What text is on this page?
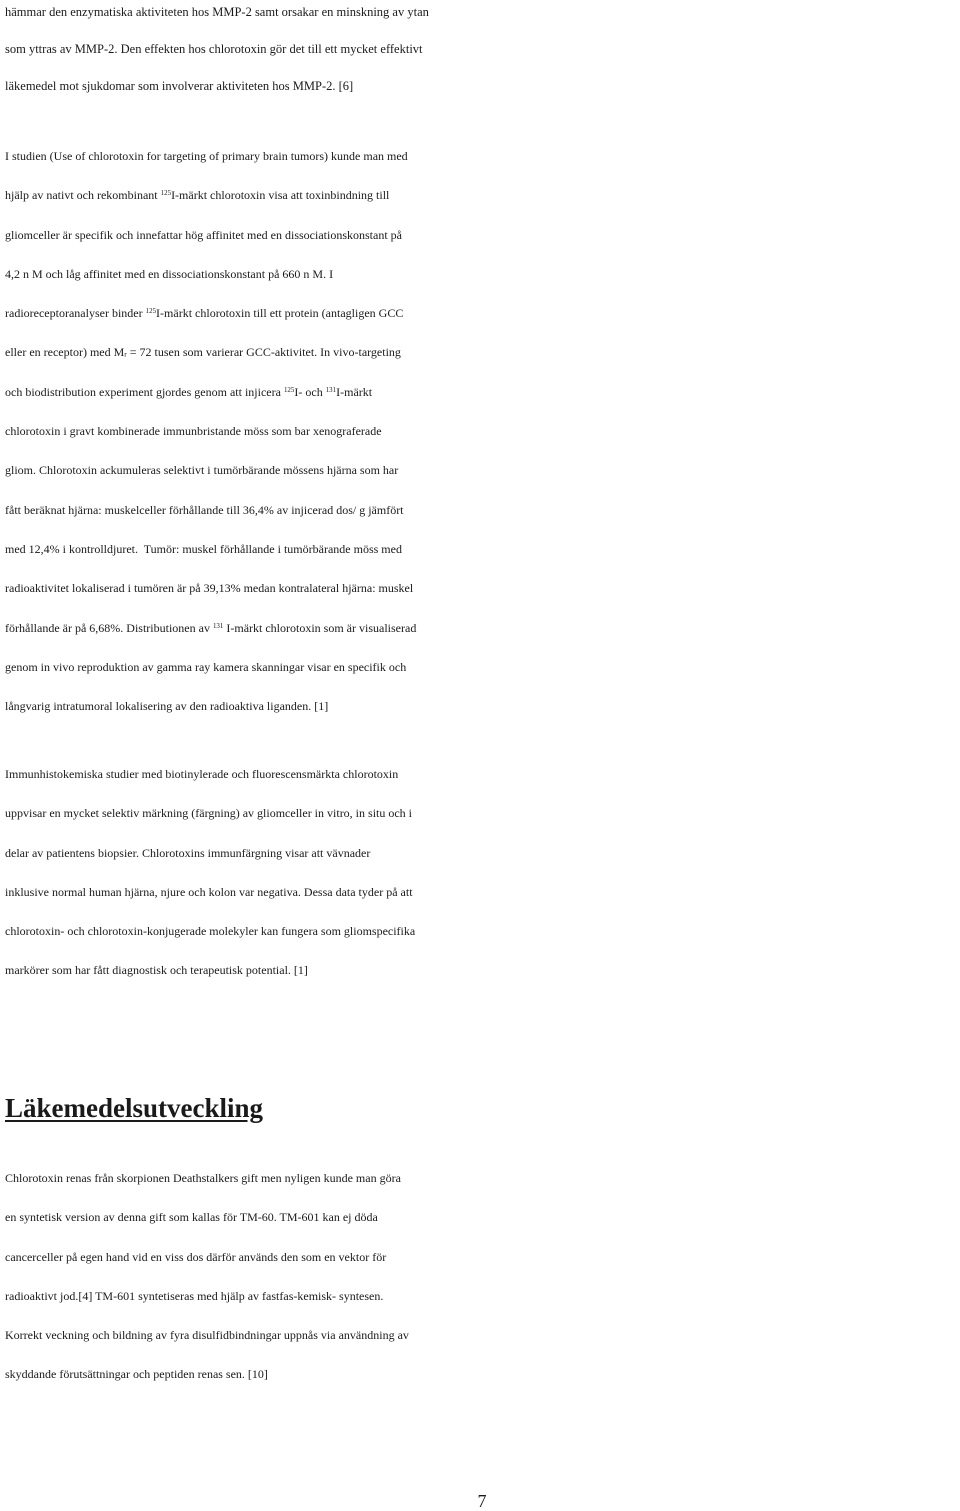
hämmar den enzymatiska aktiviteten hos MMP-2 samt orsakar en minskning av ytan
som yttras av MMP-2. Den effekten hos chlorotoxin gör det till ett mycket effektivt
läkemedel mot sjukdomar som involverar aktiviteten hos MMP-2. [6]
I studien (Use of chlorotoxin for targeting of primary brain tumors) kunde man med
hjälp av nativt och rekombinant $^{125}$I-märkt chlorotoxin visa att toxinbindning till
gliomceller är specifik och innefattar hög affinitet med en dissociationskonstant på
4,2 n M och låg affinitet med en dissociationskonstant på 660 n M. I
radioreceptoranalyser binder $^{125}$I-märkt chlorotoxin till ett protein (antagligen GCC
eller en receptor) med $M_r = 72$ tusen som varierar GCC-aktivitet. In vivo-targeting
och biodistribution experiment gjordes genom att injicera $^{125}$I- och $^{131}$I-märkt
chlorotoxin i gravt kombinerade immunbristande möss som bar xenograferade
gliom. Chlorotoxin ackumuleras selektivt i tumörbärande mössens hjärna som har
fått beräknat hjärna: muskelceller förhållande till 36,4% av injicerad dos/ g jämfört
med 12,4% i kontrolldjuret.  Tumör: muskel förhållande i tumörbärande möss med
radioaktivitet lokaliserad i tumören är på 39,13% medan kontralateral hjärna: muskel
förhållande är på 6,68%. Distributionen av $^{131}$ I-märkt chlorotoxin som är visualiserad
genom in vivo reproduktion av gamma ray kamera skanningar visar en specifik och
långvarig intratumoral lokalisering av den radioaktiva liganden. [1]
Immunhistokemiska studier med biotinylerade och fluorescensmärkta chlorotoxin
uppvisar en mycket selektiv märkning (färgning) av gliomceller in vitro, in situ och i
delar av patientens biopsier. Chlorotoxins immunfärgning visar att vävnader
inklusive normal human hjärna, njure och kolon var negativa. Dessa data tyder på att
chlorotoxin- och chlorotoxin-konjugerade molekyler kan fungera som gliomspecifika
markörer som har fått diagnostisk och terapeutisk potential. [1]
Läkemedelsutveckling
Chlorotoxin renas från skorpionen Deathstalkers gift men nyligen kunde man göra
en syntetisk version av denna gift som kallas för TM-60. TM-601 kan ej döda
cancerceller på egen hand vid en viss dos därför används den som en vektor för
radioaktivt jod.[4] TM-601 syntetiseras med hjälp av fastfas-kemisk- syntesen.
Korrekt veckning och bildning av fyra disulfidbindningar uppnås via användning av
skyddande förutsättningar och peptiden renas sen. [10]
7
